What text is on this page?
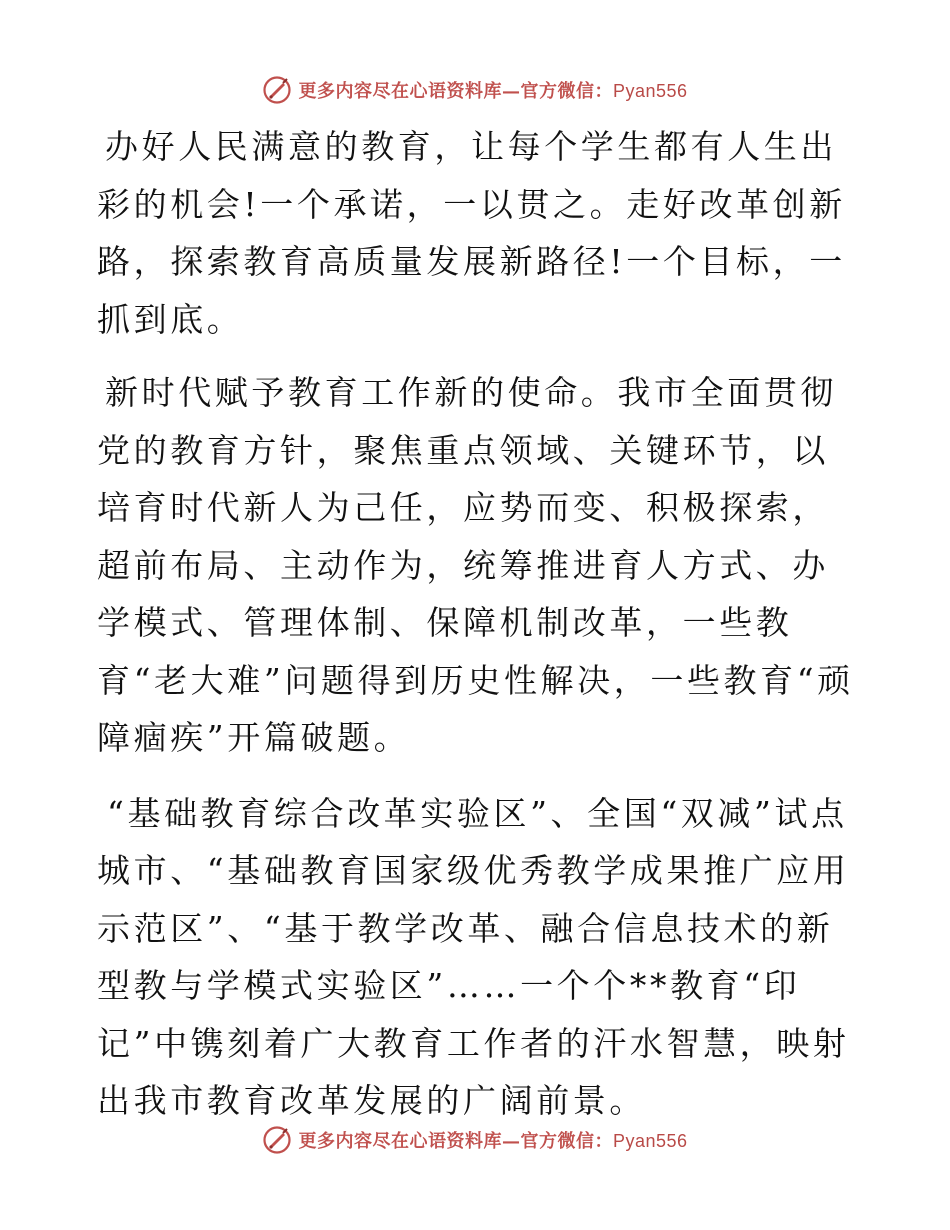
更多内容尽在心语资料库—官方微信：Pyan556

办好人民满意的教育，让每个学生都有人生出彩的机会!一个承诺，一以贯之。走好改革创新路，探索教育高质量发展新路径!一个目标，一抓到底。

新时代赋予教育工作新的使命。我市全面贯彻党的教育方针，聚焦重点领域、关键环节，以培育时代新人为己任，应势而变、积极探索，超前布局、主动作为，统筹推进育人方式、办学模式、管理体制、保障机制改革，一些教育“老大难”问题得到历史性解决，一些教育“顽障痼疾”开篇破题。

“基础教育综合改革实验区”、全国“双减”试点城市、“基础教育国家级优秀教学成果推广应用示范区”、“基于教学改革、融合信息技术的新型教与学模式实验区”……一个个**教育“印记”中镌刻着广大教育工作者的汗水智慧，映射出我市教育改革发展的广阔前景。

更多内容尽在心语资料库—官方微信：Pyan556
